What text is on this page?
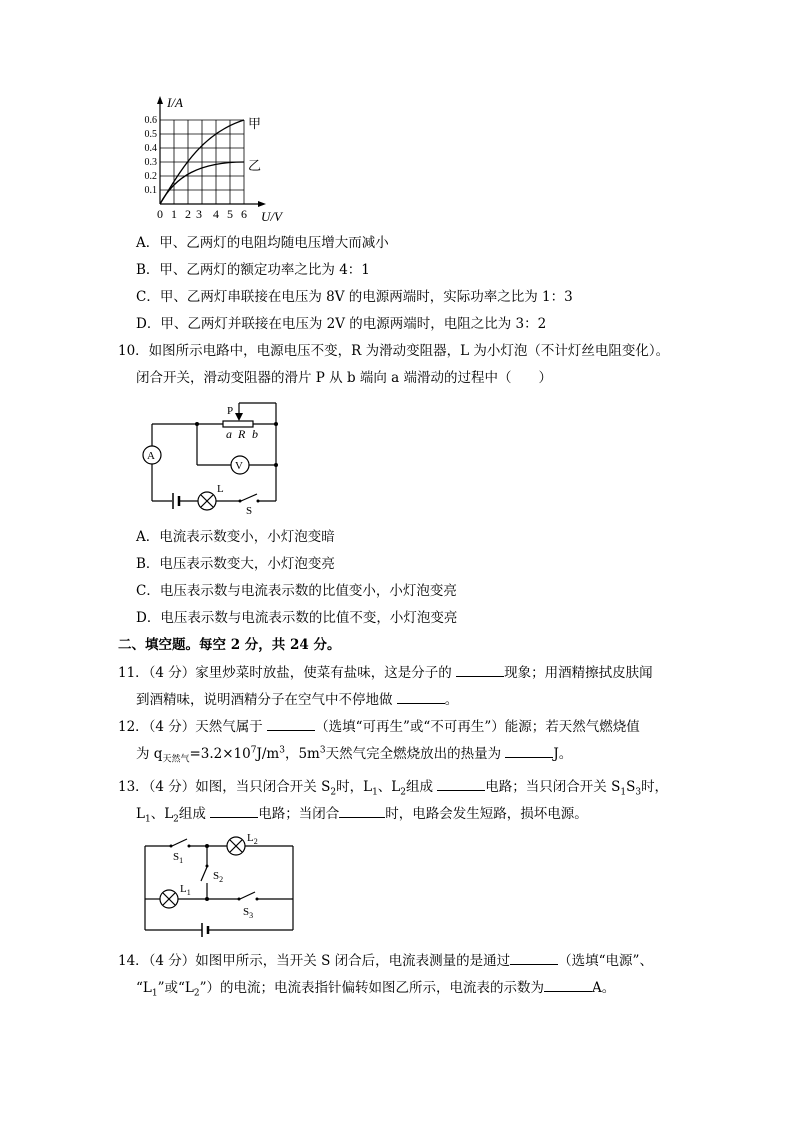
I/A
U/V
0.6
0.5
0.4
0.3
0.2
0.1
0 1 2 3 4 5 6
甲
乙
A．甲、乙两灯的电阻均随电压增大而减小
B．甲、乙两灯的额定功率之比为 4：1
C．甲、乙两灯串联接在电压为 8V 的电源两端时，实际功率之比为 1：3
D．甲、乙两灯并联接在电压为 2V 的电源两端时，电阻之比为 3：2
10．如图所示电路中，电源电压不变，R 为滑动变阻器，L 为小灯泡（不计灯丝电阻变化）。
闭合开关，滑动变阻器的滑片 P 从 b 端向 a 端滑动的过程中（　　）
P
a R b
A
V
L
S
A．电流表示数变小，小灯泡变暗
B．电压表示数变大，小灯泡变亮
C．电压表示数与电流表示数的比值变小，小灯泡变亮
D．电压表示数与电流表示数的比值不变，小灯泡变亮
二、填空题。每空 2 分，共 24 分。
11．（4 分）家里炒菜时放盐，使菜有盐味，这是分子的	现象；用酒精擦拭皮肤闻
到酒精味，说明酒精分子在空气中不停地做	。
12．（4 分）天然气属于	（选填“可再生”或“不可再生”）能源；若天然气燃烧值
为 $q_{天然气}=3.2\times 10^7J/m^3$，$5m^3$天然气完全燃烧放出的热量为	J。
13．（4 分）如图，当只闭合开关 $S_2$时，$L_1$、$L_2$组成	电路；当只闭合开关 $S_1S_3$时，
$L_1$、$L_2$组成	电路；当闭合	时，电路会发生短路，损坏电源。
$S_1$
$L_2$
$S_2$
$L_1$
$S_3$
14．（4 分）如图甲所示，当开关 S 闭合后，电流表测量的是通过	（选填“电源”、
“$L_1$”或“$L_2$”）的电流；电流表指针偏转如图乙所示，电流表的示数为	A。
